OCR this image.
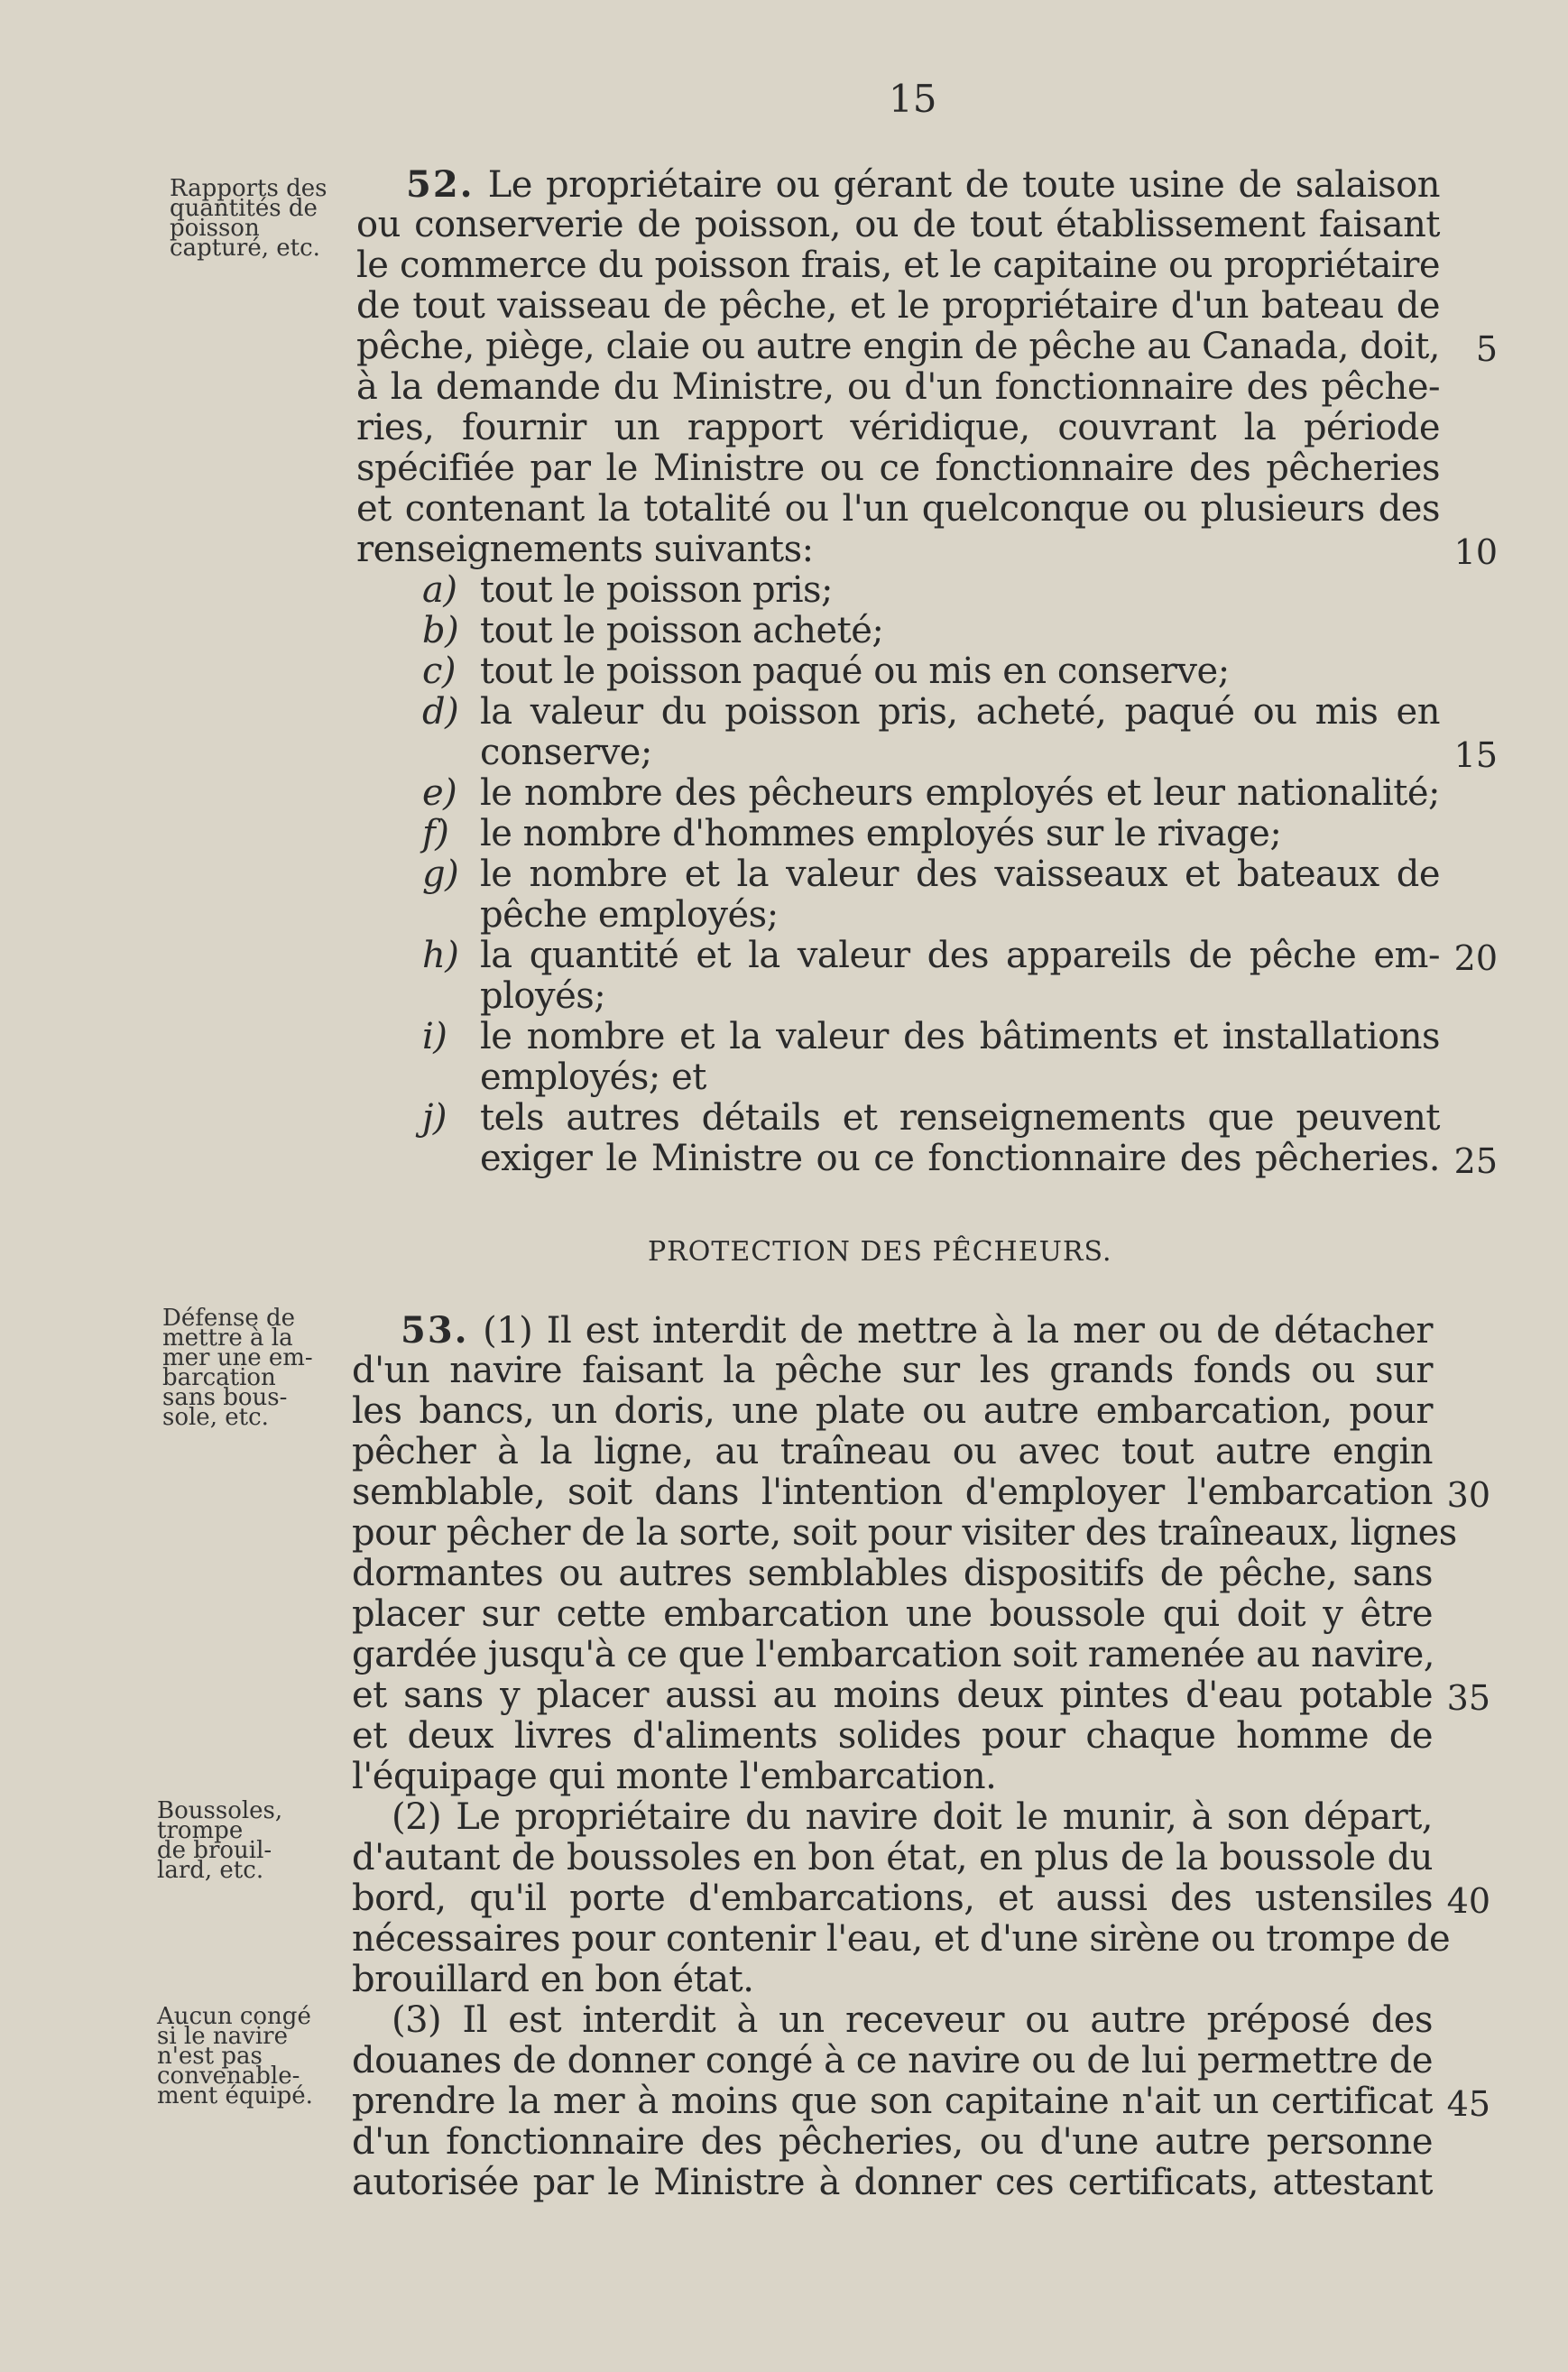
15
Rapports des
quantités de
poisson
capturé, etc.
Défense de
mettre à la
mer une em-
barcation
sans bous-
sole, etc.
Boussoles,
trompe
de brouil-
lard, etc.
Aucun congé
si le navire
n'est pas
convenable-
ment équipé.
52. Le propriétaire ou gérant de toute usine de salaison
ou conserverie de poisson, ou de tout établissement faisant
le commerce du poisson frais, et le capitaine ou propriétaire
de tout vaisseau de pêche, et le propriétaire d'un bateau de
pêche, piège, claie ou autre engin de pêche au Canada, doit,
à la demande du Ministre, ou d'un fonctionnaire des pêche-
ries, fournir un rapport véridique, couvrant la période
spécifiée par le Ministre ou ce fonctionnaire des pêcheries
et contenant la totalité ou l'un quelconque ou plusieurs des
renseignements suivants:
a) tout le poisson pris;
b) tout le poisson acheté;
c) tout le poisson paqué ou mis en conserve;
d) la valeur du poisson pris, acheté, paqué ou mis en
conserve;
e) le nombre des pêcheurs employés et leur nationalité;
f) le nombre d'hommes employés sur le rivage;
g) le nombre et la valeur des vaisseaux et bateaux de
pêche employés;
h) la quantité et la valeur des appareils de pêche em-
ployés;
i) le nombre et la valeur des bâtiments et installations
employés; et
j) tels autres détails et renseignements que peuvent
exiger le Ministre ou ce fonctionnaire des pêcheries.
PROTECTION DES PÊCHEURS.
53. (1) Il est interdit de mettre à la mer ou de détacher
d'un navire faisant la pêche sur les grands fonds ou sur
les bancs, un doris, une plate ou autre embarcation, pour
pêcher à la ligne, au traîneau ou avec tout autre engin
semblable, soit dans l'intention d'employer l'embarcation
pour pêcher de la sorte, soit pour visiter des traîneaux, lignes
dormantes ou autres semblables dispositifs de pêche, sans
placer sur cette embarcation une boussole qui doit y être
gardée jusqu'à ce que l'embarcation soit ramenée au navire,
et sans y placer aussi au moins deux pintes d'eau potable
et deux livres d'aliments solides pour chaque homme de
l'équipage qui monte l'embarcation.
(2) Le propriétaire du navire doit le munir, à son départ,
d'autant de boussoles en bon état, en plus de la boussole du
bord, qu'il porte d'embarcations, et aussi des ustensiles
nécessaires pour contenir l'eau, et d'une sirène ou trompe de
brouillard en bon état.
(3) Il est interdit à un receveur ou autre préposé des
douanes de donner congé à ce navire ou de lui permettre de
prendre la mer à moins que son capitaine n'ait un certificat
d'un fonctionnaire des pêcheries, ou d'une autre personne
autorisée par le Ministre à donner ces certificats, attestant
5
10
15
20
25
30
35
40
45
